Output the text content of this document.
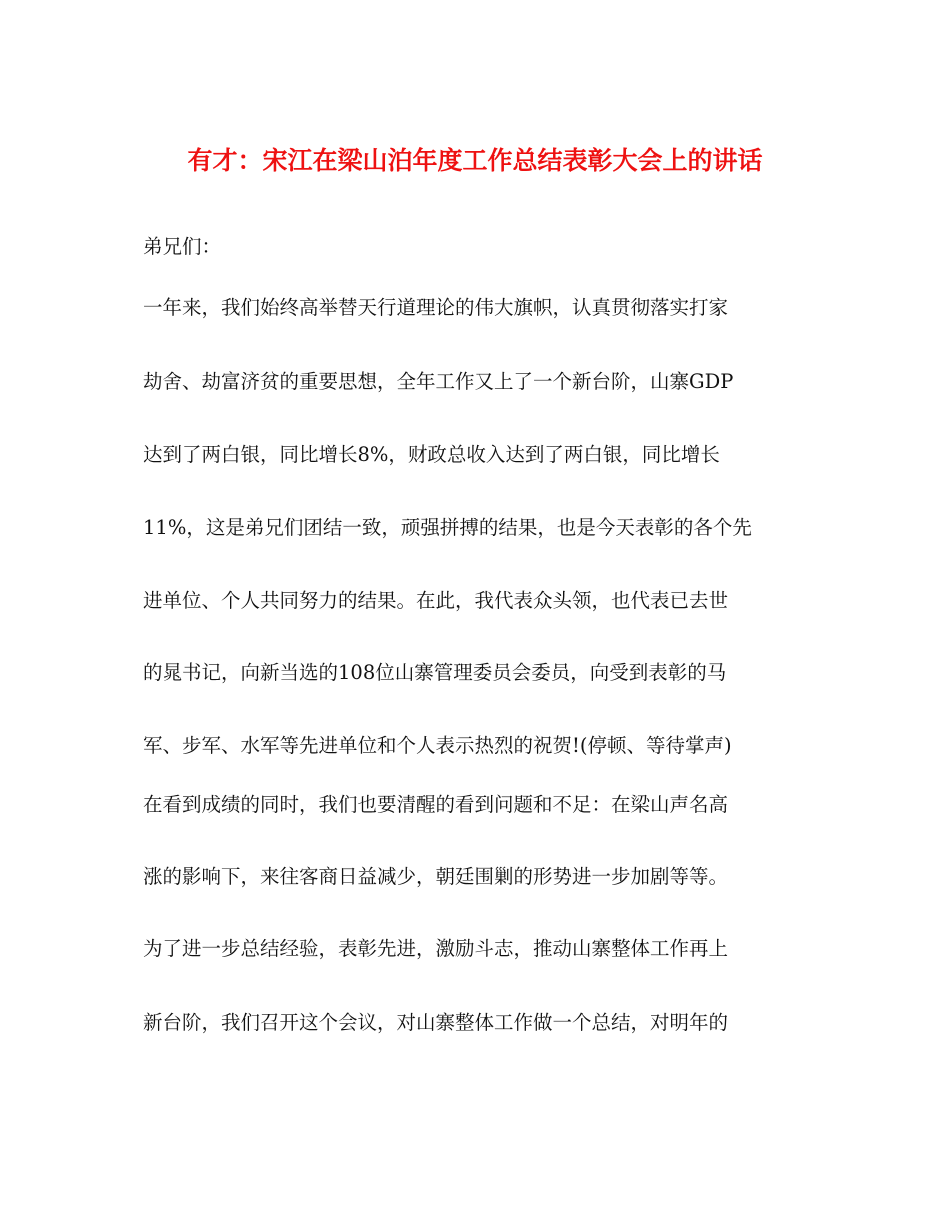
有才：宋江在梁山泊年度工作总结表彰大会上的讲话

弟兄们：

一年来，我们始终高举替天行道理论的伟大旗帜，认真贯彻落实打家

劫舍、劫富济贫的重要思想，全年工作又上了一个新台阶，山寨GDP

达到了两白银，同比增长8%，财政总收入达到了两白银，同比增长

11%，这是弟兄们团结一致，顽强拼搏的结果，也是今天表彰的各个先

进单位、个人共同努力的结果。在此，我代表众头领，也代表已去世

的晁书记，向新当选的108位山寨管理委员会委员，向受到表彰的马

军、步军、水军等先进单位和个人表示热烈的祝贺!(停顿、等待掌声)

在看到成绩的同时，我们也要清醒的看到问题和不足：在梁山声名高

涨的影响下，来往客商日益减少，朝廷围剿的形势进一步加剧等等。

为了进一步总结经验，表彰先进，激励斗志，推动山寨整体工作再上

新台阶，我们召开这个会议，对山寨整体工作做一个总结，对明年的
